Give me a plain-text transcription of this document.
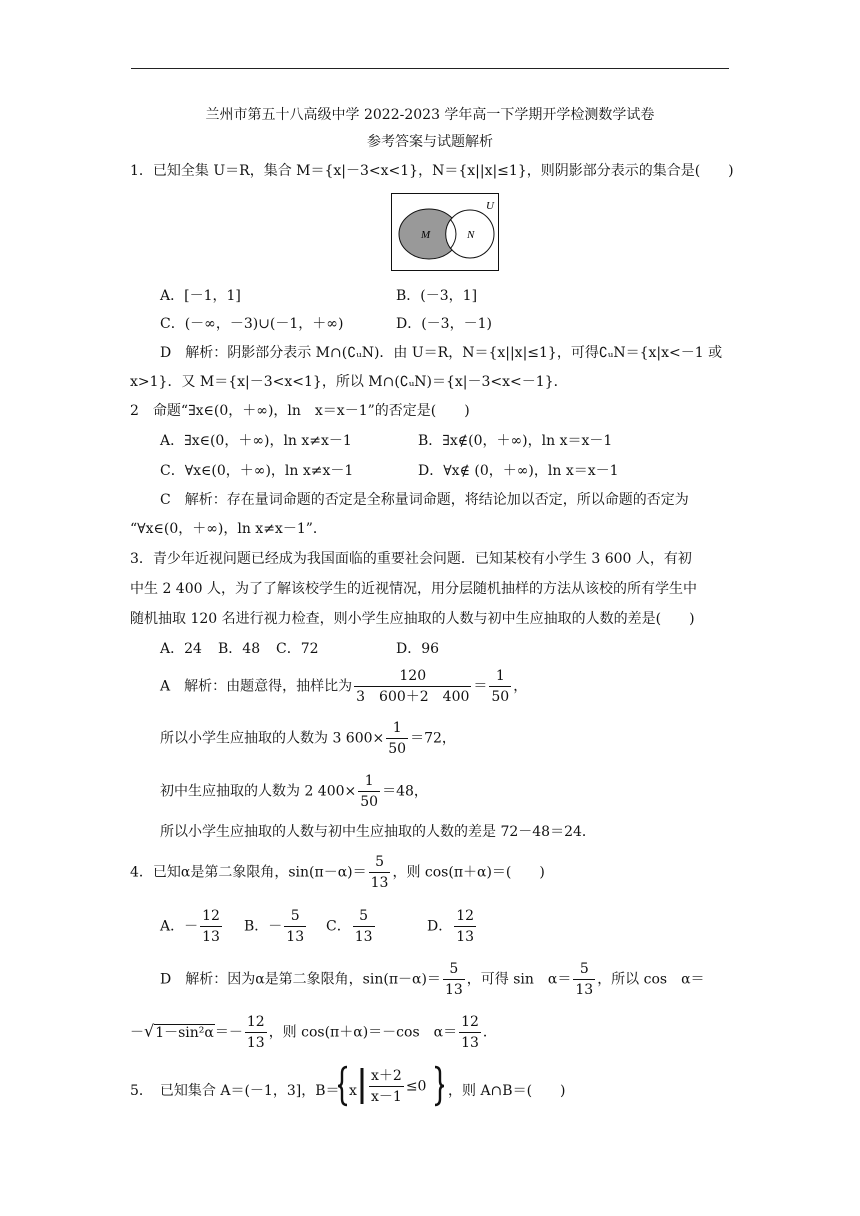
兰州市第五十八高级中学 2022-2023 学年高一下学期开学检测数学试卷
参考答案与试题解析
1．已知全集 U＝R，集合 M＝{x|－3<x<1}，N＝{x||x|≤1}，则阴影部分表示的集合是(　　)
U
M	N
A．[－1，1]	B．(－3，1]
C．(－∞，－3)∪(－1，＋∞)	D．(－3，－1)
D　解析：阴影部分表示 M∩(∁ᵤN)．由 U＝R，N＝{x||x|≤1}，可得∁ᵤN＝{x|x<－1 或
x>1}．又 M＝{x|－3<x<1}，所以 M∩(∁ᵤN)＝{x|－3<x<－1}．
2　命题“∃x∈(0，＋∞)，ln　x＝x－1”的否定是(　　)
A．∃x∈(0，＋∞)，ln x≠x－1	B．∃x∉(0，＋∞)，ln x＝x－1
C．∀x∈(0，＋∞)，ln x≠x－1	D．∀x∉ (0，＋∞)，ln x＝x－1
C　解析：存在量词命题的否定是全称量词命题，将结论加以否定，所以命题的否定为
“∀x∈(0，＋∞)，ln x≠x－1”．
3．青少年近视问题已经成为我国面临的重要社会问题．已知某校有小学生 3 600 人，有初
中生 2 400 人，为了了解该校学生的近视情况，用分层随机抽样的方法从该校的所有学生中
随机抽取 120 名进行视力检查，则小学生应抽取的人数与初中生应抽取的人数的差是(　　)
A．24 B．48 C．72	D．96
A　解析：由题意得，抽样比为 $\frac{120}{3 600+2 400} = \frac{1}{50}$ ，
所以小学生应抽取的人数为 3 $600\times \frac{1}{50} =72$，
初中生应抽取的人数为 2 $400\times \frac{1}{50} =48$，
所以小学生应抽取的人数与初中生应抽取的人数的差是 72－48＝24．
4．已知α是第二象限角，$\sin(\pi-\alpha)= \frac{5}{13}$ ，则 cos(π＋α)＝(　　)
A．－ $\frac{12}{13}$ B．－ $\frac{5}{13}$ C． $\frac{5}{13}$	D． $\frac{12}{13}$
D　解析：因为α是第二象限角，$\sin(\pi-\alpha)= \frac{5}{13}$ ，可得 sin　$\alpha= \frac{5}{13}$ ，所以 cos　α＝
$-√1-\sin^2\alpha=- \frac{12}{13}$ ，则 cos(π＋α)＝－cos　$\alpha= \frac{12}{13}$ ．
5．　已知集合 A＝(－1，3]，B＝ x $\frac{x+2}{x-1} \le 0$ ，则 A∩B＝(　　)
